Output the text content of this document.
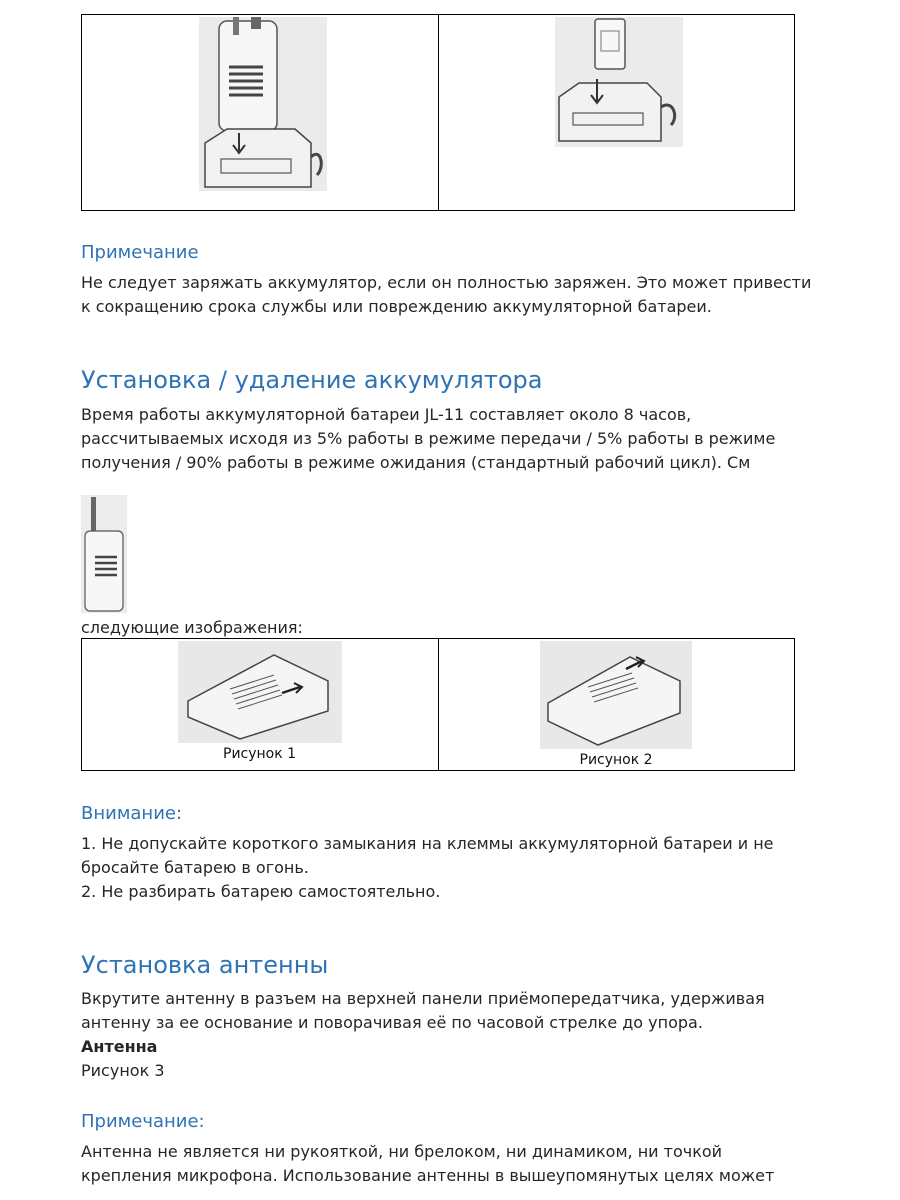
Примечание
Не следует заряжать аккумулятор, если он полностью заряжен. Это может привести
к сокращению срока службы или повреждению аккумуляторной батареи.
Установка / удаление аккумулятора
Время работы аккумуляторной батареи JL-11 составляет около 8 часов,
рассчитываемых исходя из 5% работы в режиме передачи / 5% работы в режиме
получения / 90% работы в режиме ожидания (стандартный рабочий цикл). См
следующие изображения:
Рисунок 1	Рисунок 2
Внимание:
1. Не допускайте короткого замыкания на клеммы аккумуляторной батареи и не
бросайте батарею в огонь.
2. Не разбирать батарею самостоятельно.
Установка антенны
Вкрутите антенну в разъем на верхней панели приёмопередатчика, удерживая
антенну за ее основание и поворачивая её по часовой стрелке до упора.
Антенна
Рисунок 3
Примечание:
Антенна не является ни рукояткой, ни брелоком, ни динамиком, ни точкой
крепления микрофона. Использование антенны в вышеупомянутых целях может
